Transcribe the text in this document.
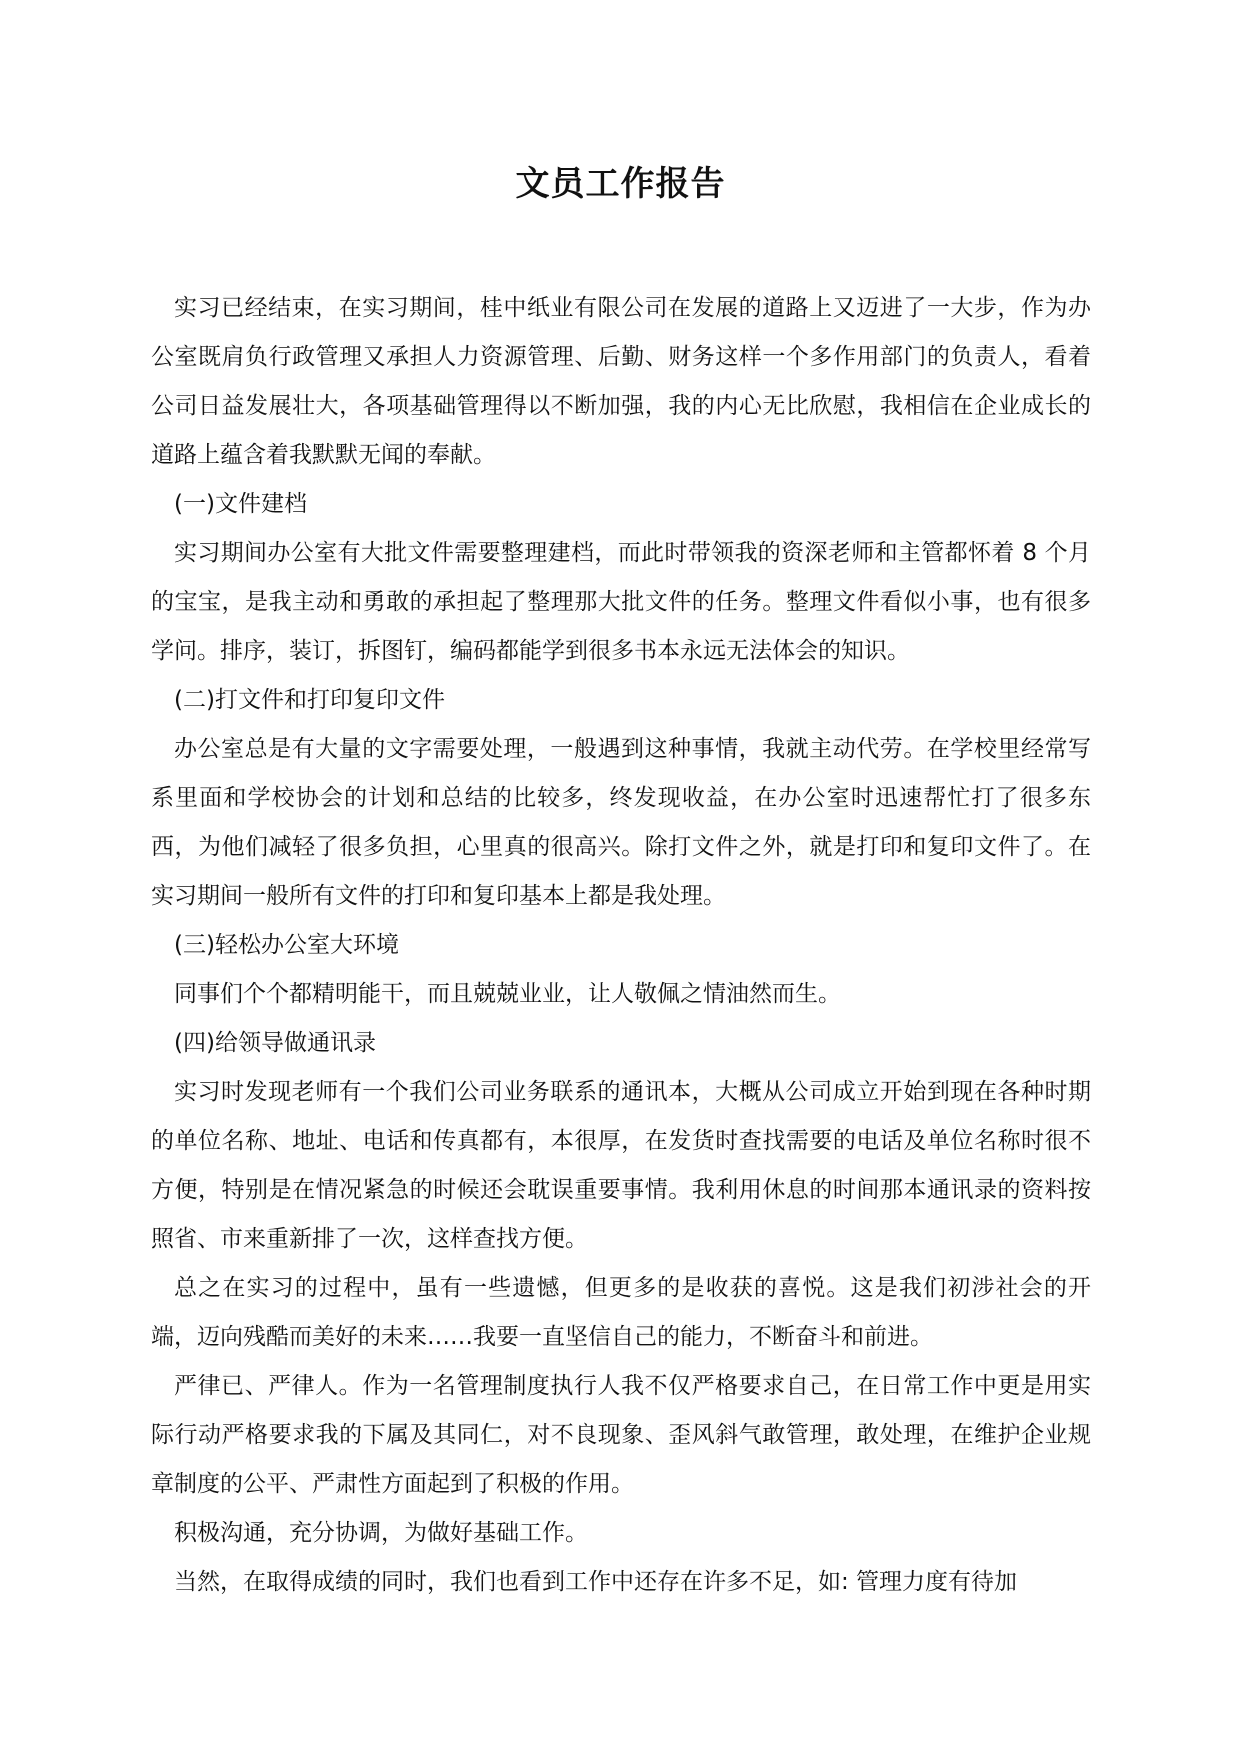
文员工作报告

实习已经结束，在实习期间，桂中纸业有限公司在发展的道路上又迈进了一大步，作为办公室既肩负行政管理又承担人力资源管理、后勤、财务这样一个多作用部门的负责人，看着公司日益发展壮大，各项基础管理得以不断加强，我的内心无比欣慰，我相信在企业成长的道路上蕴含着我默默无闻的奉献。

(一)文件建档

实习期间办公室有大批文件需要整理建档，而此时带领我的资深老师和主管都怀着 8 个月的宝宝，是我主动和勇敢的承担起了整理那大批文件的任务。整理文件看似小事，也有很多学问。排序，装订，拆图钉，编码都能学到很多书本永远无法体会的知识。

(二)打文件和打印复印文件

办公室总是有大量的文字需要处理，一般遇到这种事情，我就主动代劳。在学校里经常写系里面和学校协会的计划和总结的比较多，终发现收益，在办公室时迅速帮忙打了很多东西，为他们减轻了很多负担，心里真的很高兴。除打文件之外，就是打印和复印文件了。在实习期间一般所有文件的打印和复印基本上都是我处理。

(三)轻松办公室大环境

同事们个个都精明能干，而且兢兢业业，让人敬佩之情油然而生。

(四)给领导做通讯录

实习时发现老师有一个我们公司业务联系的通讯本，大概从公司成立开始到现在各种时期的单位名称、地址、电话和传真都有，本很厚，在发货时查找需要的电话及单位名称时很不方便，特别是在情况紧急的时候还会耽误重要事情。我利用休息的时间那本通讯录的资料按照省、市来重新排了一次，这样查找方便。

总之在实习的过程中，虽有一些遗憾，但更多的是收获的喜悦。这是我们初涉社会的开端，迈向残酷而美好的未来……我要一直坚信自己的能力，不断奋斗和前进。

严律已、严律人。作为一名管理制度执行人我不仅严格要求自己，在日常工作中更是用实际行动严格要求我的下属及其同仁，对不良现象、歪风斜气敢管理，敢处理，在维护企业规章制度的公平、严肃性方面起到了积极的作用。

积极沟通，充分协调，为做好基础工作。

当然，在取得成绩的同时，我们也看到工作中还存在许多不足，如: 管理力度有待加
